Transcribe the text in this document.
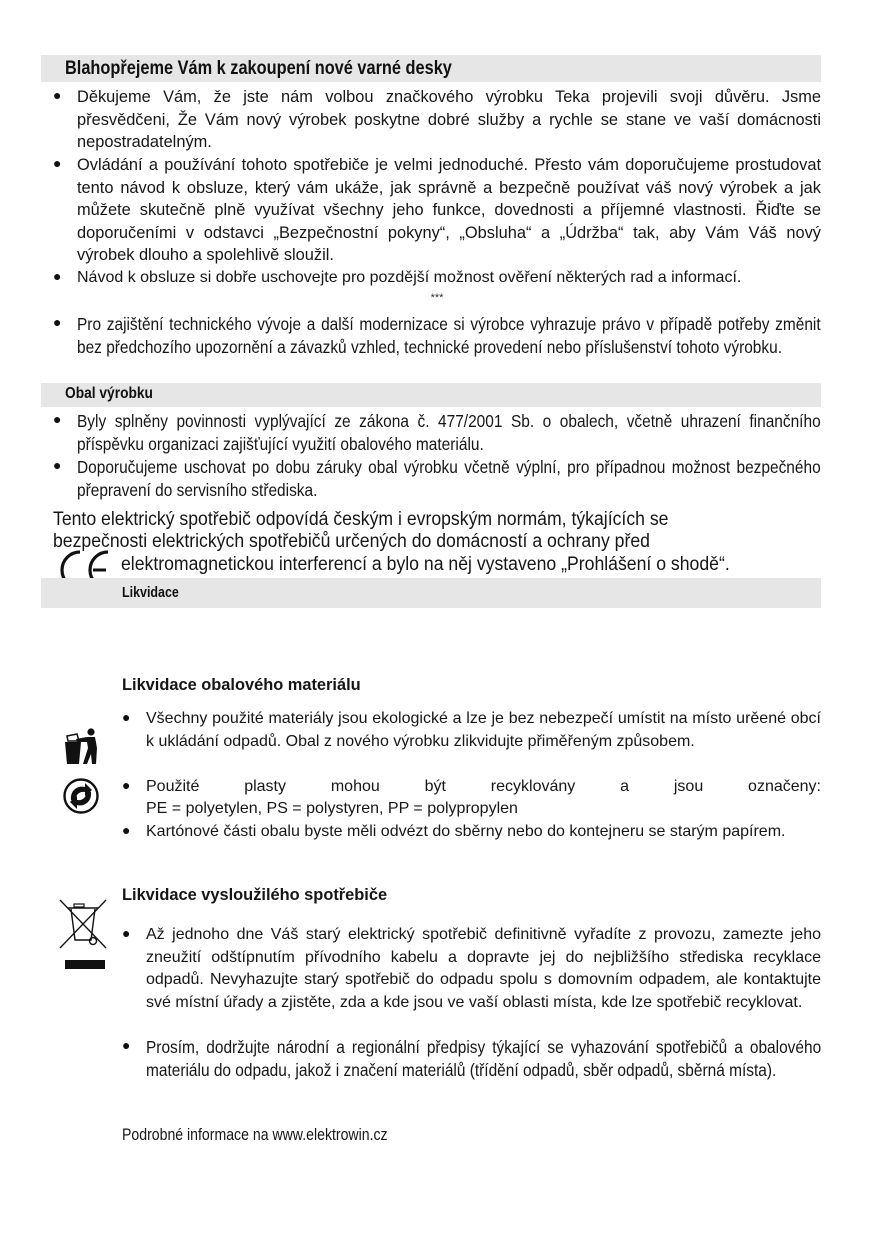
Blahopřejeme Vám k zakoupení nové varné desky
● Děkujeme Vám, že jste nám volbou značkového výrobku Teka projevili svoji důvěru. Jsme přesvědčeni, Že Vám nový výrobek poskytne dobré služby a rychle se stane ve vaší domácnosti nepostradatelným.
● Ovládání a používání tohoto spotřebiče je velmi jednoduché. Přesto vám doporučujeme prostudovat tento návod k obsluze, který vám ukáže, jak správně a bezpečně používat váš nový výrobek a jak můžete skutečně plně využívat všechny jeho funkce, dovednosti a příjemné vlastnosti. Řiďte se doporučeními v odstavci „Bezpečnostní pokyny“, „Obsluha“ a „Údržba“ tak, aby Vám Váš nový výrobek dlouho a spolehlivě sloužil.
● Návod k obsluze si dobře uschovejte pro pozdější možnost ověření některých rad a informací.
***
● Pro zajištění technického vývoje a další modernizace si výrobce vyhrazuje právo v případě potřeby změnit bez předchozího upozornění a závazků vzhled, technické provedení nebo příslušenství tohoto výrobku.
Obal výrobku
● Byly splněny povinnosti vyplývající ze zákona č. 477/2001 Sb. o obalech, včetně uhrazení finančního příspěvku organizaci zajišťující využití obalového materiálu.
● Doporučujeme uschovat po dobu záruky obal výrobku včetně výplní, pro případnou možnost bezpečného přepravení do servisního střediska.
Tento elektrický spotřebič odpovídá českým i evropským normám, týkajících se
bezpečnosti elektrických spotřebičů určených do domácností a ochrany před
elektromagnetickou interferencí a bylo na něj vystaveno „Prohlášení o shodě“.
Likvidace
Likvidace obalového materiálu
● Všechny použité materiály jsou ekologické a lze je bez nebezpečí umístit na místo urěené obcí k ukládání odpadů. Obal z nového výrobku zlikvidujte přiměřeným způsobem.
● Použité plasty mohou být recyklovány a jsou označeny:
PE = polyetylen, PS = polystyren, PP = polypropylen
● Kartónové části obalu byste měli odvézt do sběrny nebo do kontejneru se starým papírem.
Likvidace vysloužilého spotřebiče
● Až jednoho dne Váš starý elektrický spotřebič definitivně vyřadíte z provozu, zamezte jeho zneužití odštípnutím přívodního kabelu a dopravte jej do nejbližšího střediska recyklace odpadů. Nevyhazujte starý spotřebič do odpadu spolu s domovním odpadem, ale kontaktujte své místní úřady a zjistěte, zda a kde jsou ve vaší oblasti místa, kde lze spotřebič recyklovat.
● Prosím, dodržujte národní a regionální předpisy týkající se vyhazování spotřebičů a obalového materiálu do odpadu, jakož i značení materiálů (třídění odpadů, sběr odpadů, sběrná místa).
Podrobné informace na www.elektrowin.cz
